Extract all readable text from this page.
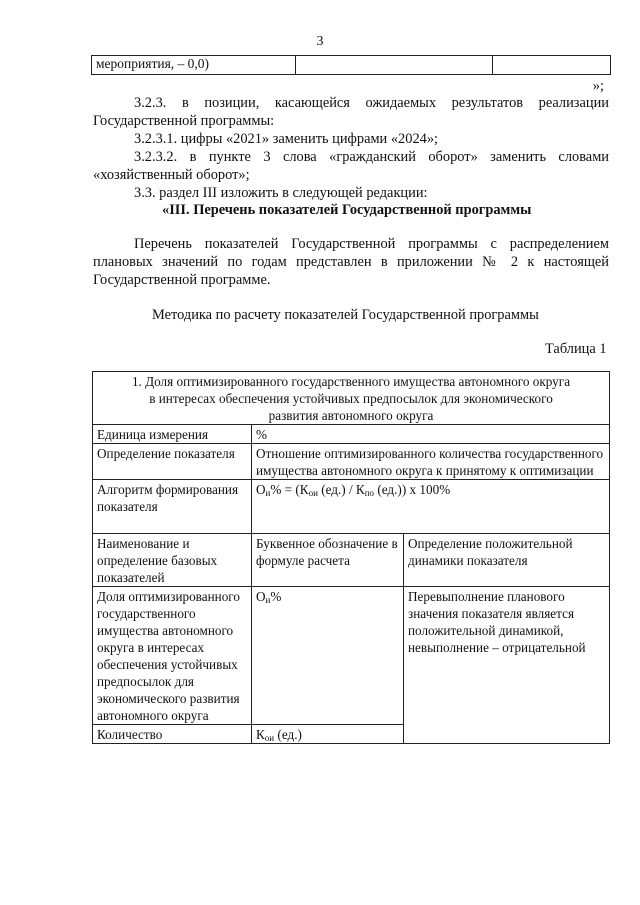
3
мероприятия, – 0,0)		
»;
3.2.3. в позиции, касающейся ожидаемых результатов реализации
Государственной программы:
3.2.3.1. цифры «2021» заменить цифрами «2024»;
3.2.3.2. в пункте 3 слова «гражданский оборот» заменить словами
«хозяйственный оборот»;
3.3. раздел III изложить в следующей редакции:
«III. Перечень показателей Государственной программы
Перечень показателей Государственной программы с распределением
плановых значений по годам представлен в приложении № 2 к настоящей
Государственной программе.
Методика по расчету показателей Государственной программы
Таблица 1
1. Доля оптимизированного государственного имущества автономного округа
в интересах обеспечения устойчивых предпосылок для экономического
развития автономного округа		

Единица измерения	%	
Определение показателя	Отношение оптимизированного количества государственного имущества автономного округа к принятому к оптимизации	
Алгоритм формирования показателя	$О_и\% = (К_{ои}$ $(ед.) / К_{по}$ (ед.)) х 100%	
Наименование и определение базовых показателей	Буквенное обозначение в формуле расчета	Определение положительной динамики показателя
Доля оптимизированного государственного имущества автономного округа в интересах обеспечения устойчивых предпосылок для экономического развития автономного округа	$О_и\%$	Перевыполнение планового значения показателя является положительной динамикой, невыполнение – отрицательной
Количество	$К_{ои}$ (ед.)	
